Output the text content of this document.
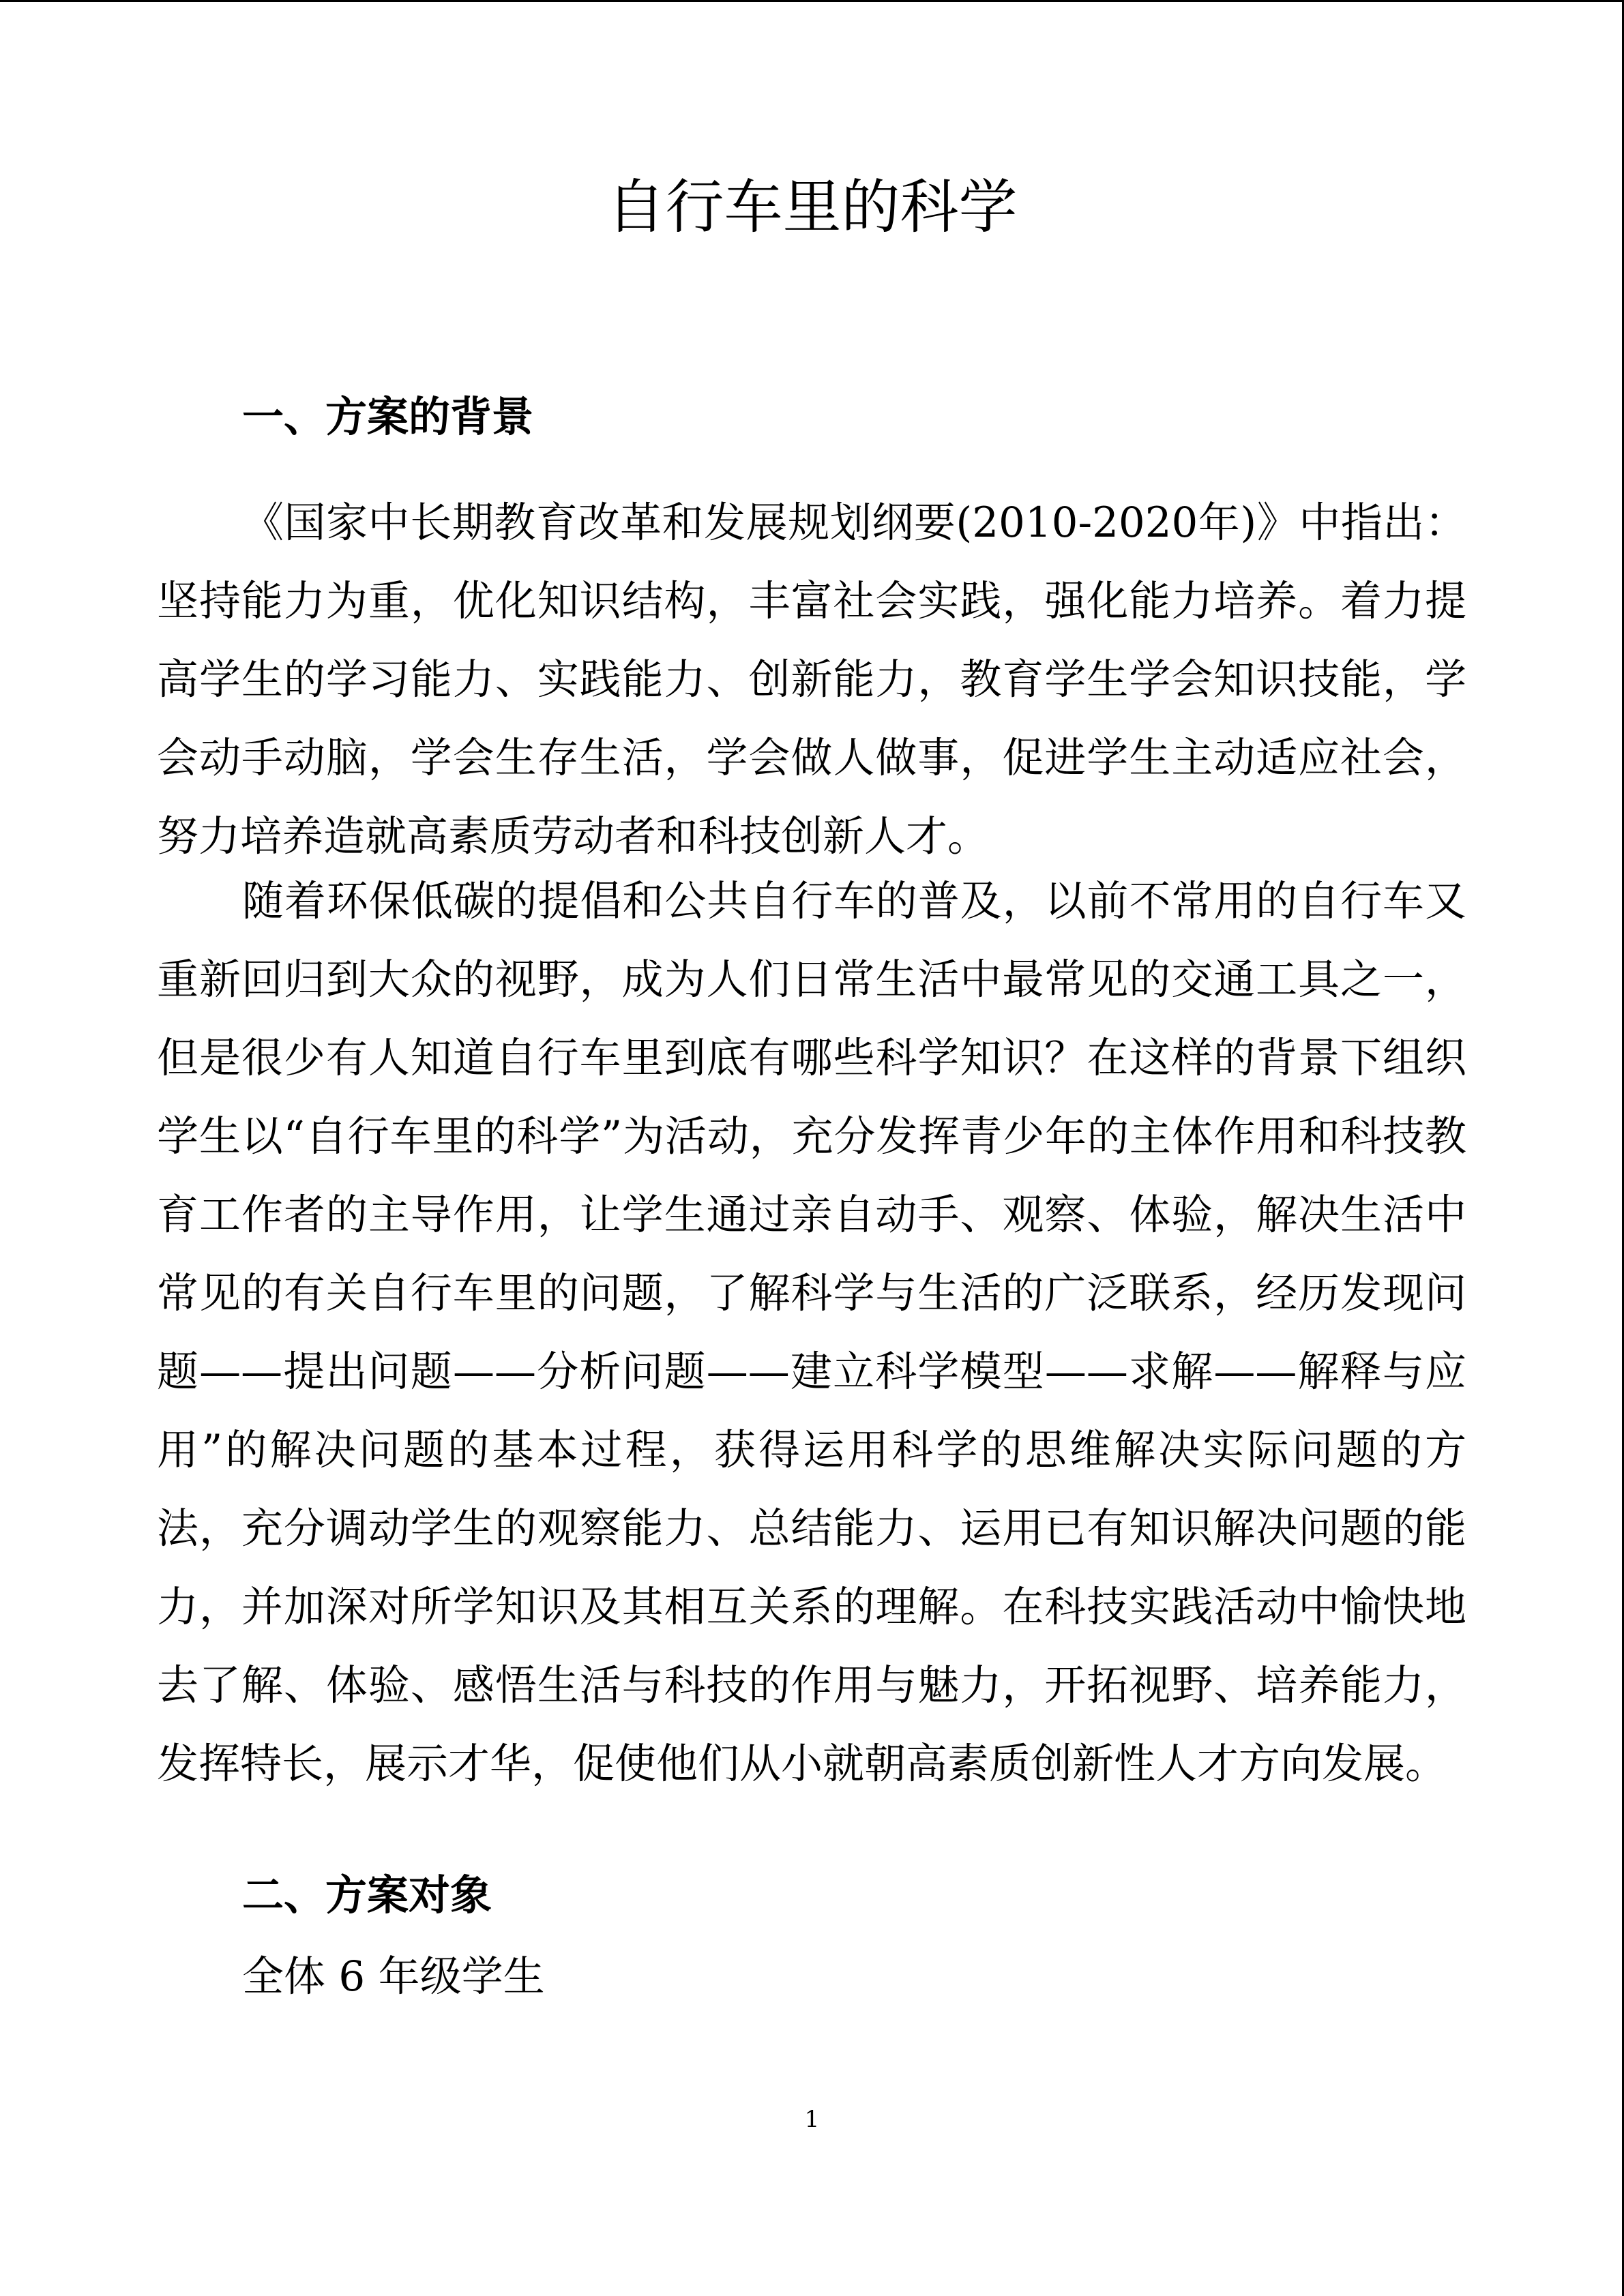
自行车里的科学
一、方案的背景

《国家中长期教育改革和发展规划纲要(2010-2020年)》中指出：坚持能力为重，优化知识结构，丰富社会实践，强化能力培养。着力提高学生的学习能力、实践能力、创新能力，教育学生学会知识技能，学会动手动脑，学会生存生活，学会做人做事，促进学生主动适应社会，努力培养造就高素质劳动者和科技创新人才。

随着环保低碳的提倡和公共自行车的普及，以前不常用的自行车又重新回归到大众的视野，成为人们日常生活中最常见的交通工具之一，但是很少有人知道自行车里到底有哪些科学知识？在这样的背景下组织学生以“自行车里的科学”为活动，充分发挥青少年的主体作用和科技教育工作者的主导作用，让学生通过亲自动手、观察、体验，解决生活中常见的有关自行车里的问题，了解科学与生活的广泛联系，经历发现问题——提出问题——分析问题——建立科学模型——求解——解释与应用”的解决问题的基本过程，获得运用科学的思维解决实际问题的方法，充分调动学生的观察能力、总结能力、运用已有知识解决问题的能力，并加深对所学知识及其相互关系的理解。在科技实践活动中愉快地去了解、体验、感悟生活与科技的作用与魅力，开拓视野、培养能力，发挥特长，展示才华，促使他们从小就朝高素质创新性人才方向发展。

二、方案对象

全体 6 年级学生

1
